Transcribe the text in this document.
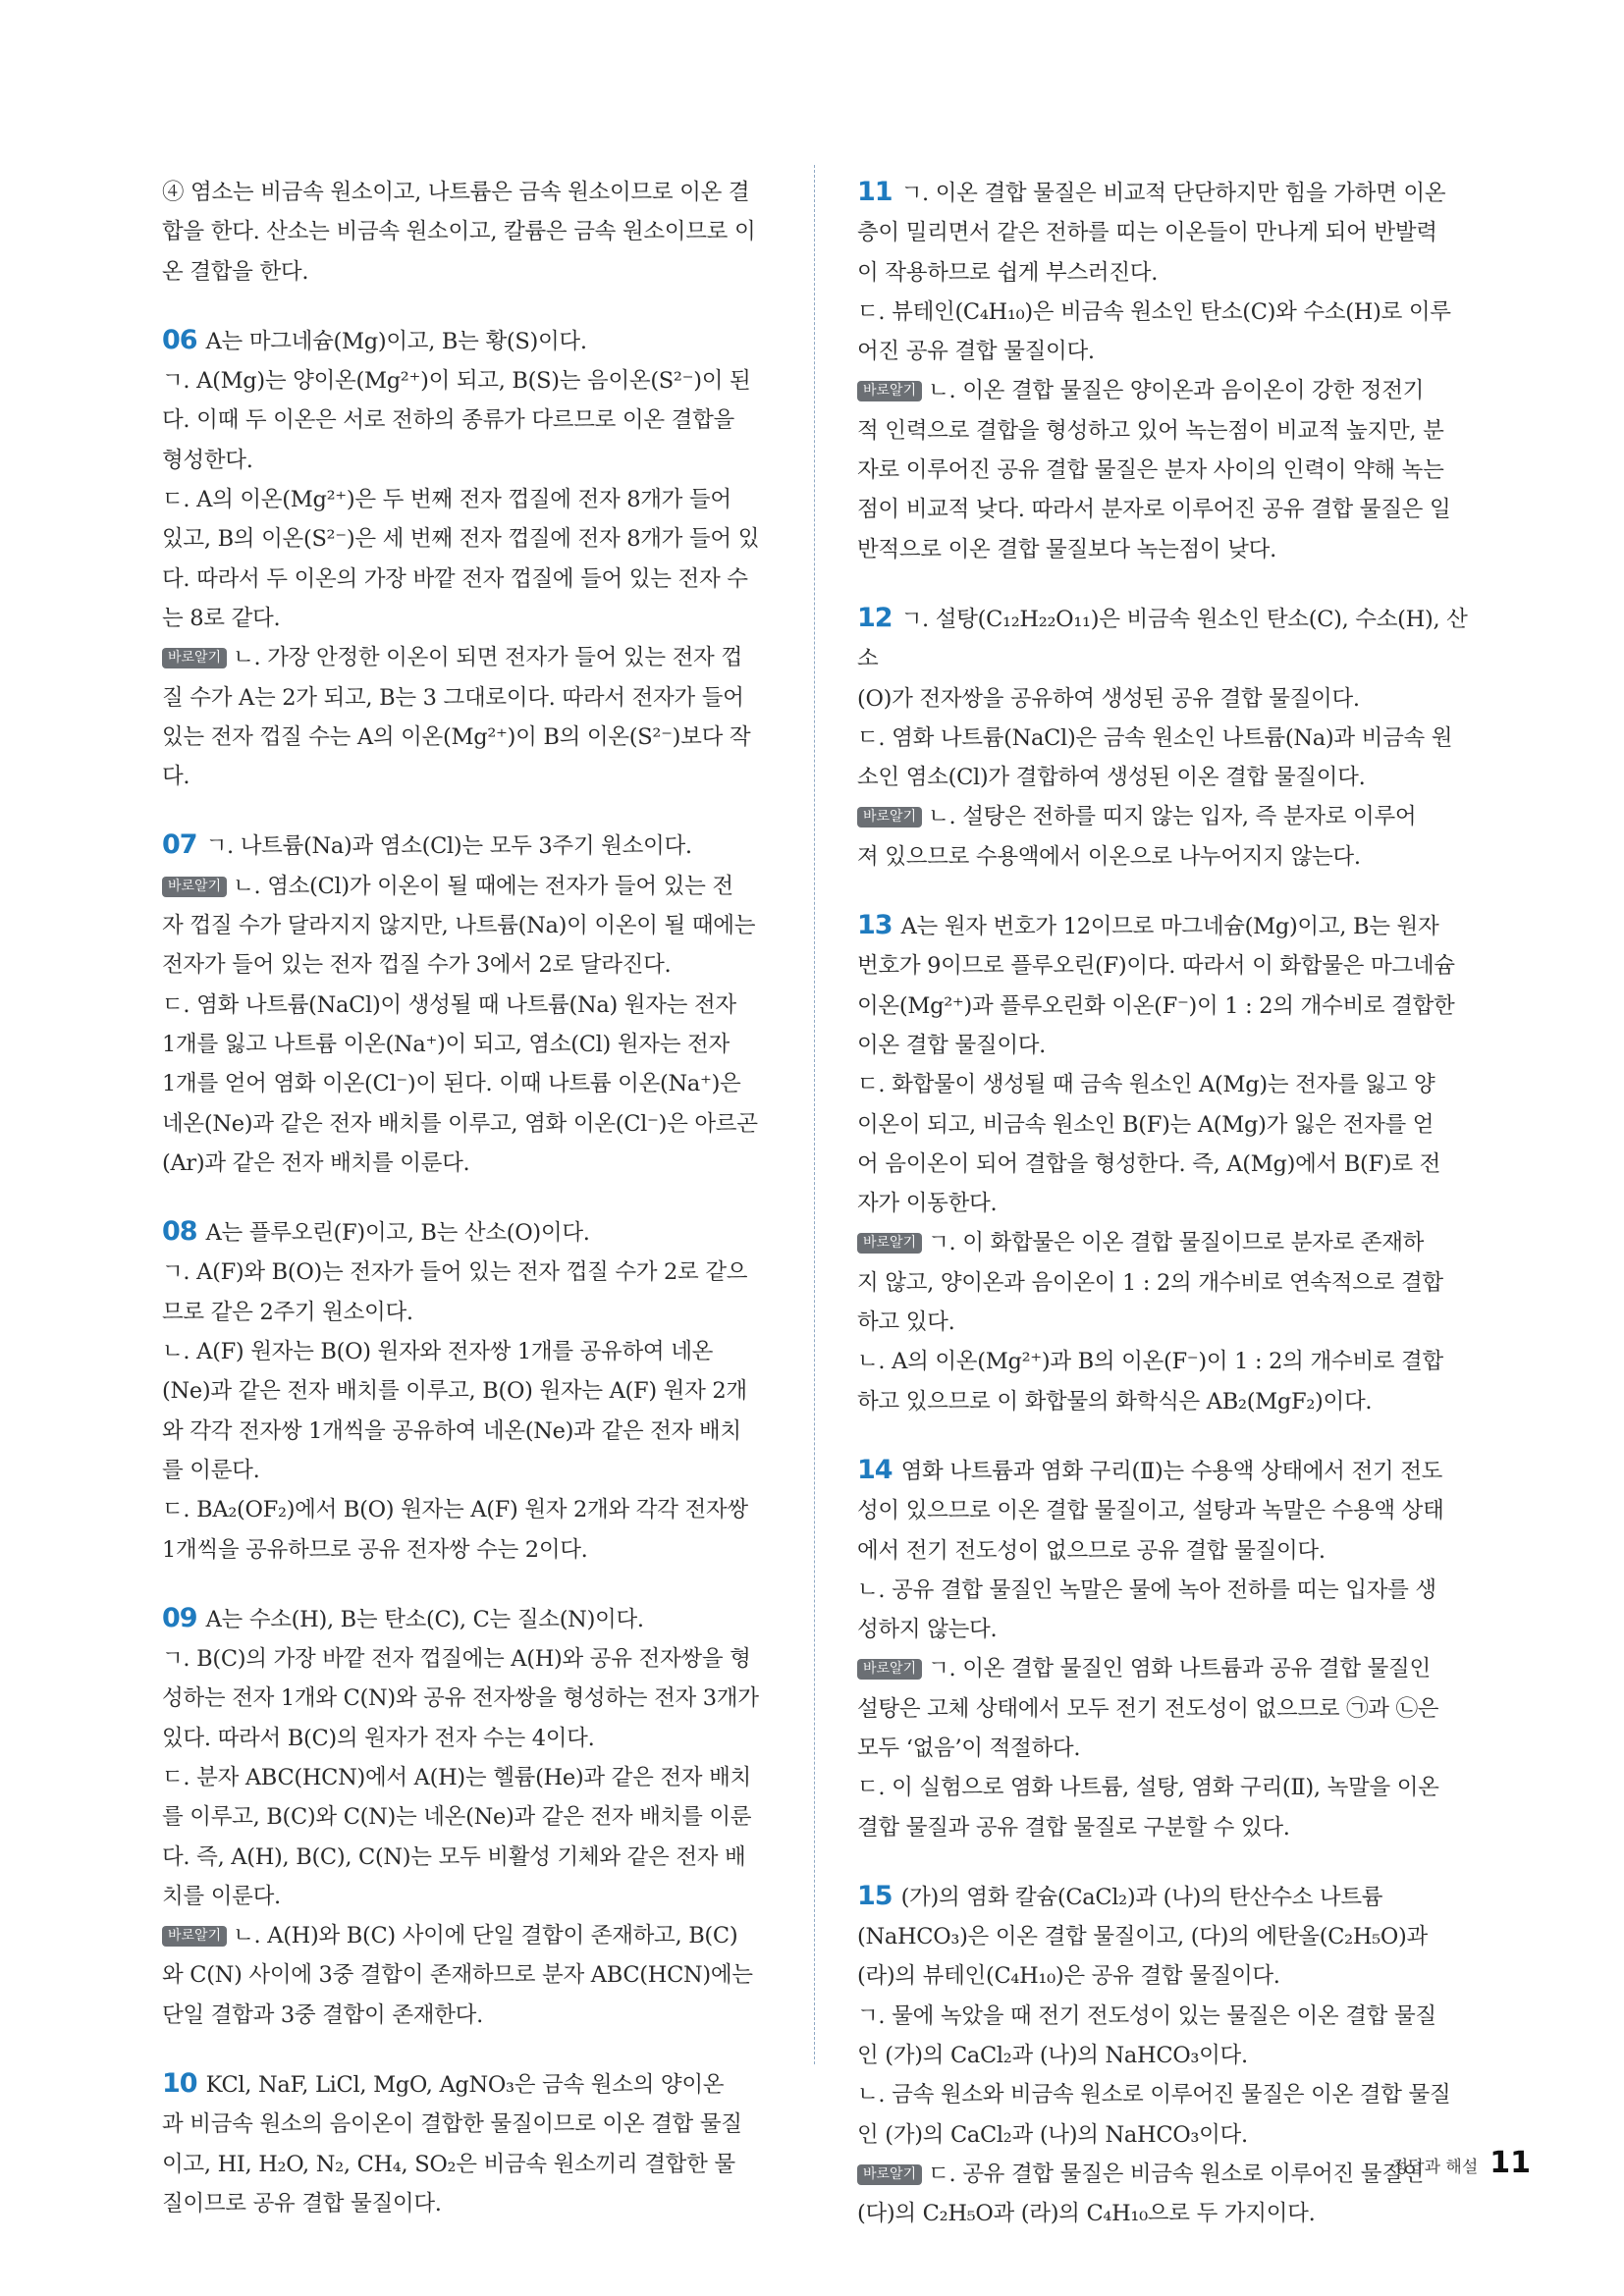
④ 염소는 비금속 원소이고, 나트륨은 금속 원소이므로 이온 결
합을 한다. 산소는 비금속 원소이고, 칼륨은 금속 원소이므로 이
온 결합을 한다.
06 A는 마그네슘(Mg)이고, B는 황(S)이다.
ㄱ. A(Mg)는 양이온(Mg²⁺)이 되고, B(S)는 음이온(S²⁻)이 된
다. 이때 두 이온은 서로 전하의 종류가 다르므로 이온 결합을
형성한다.
ㄷ. A의 이온(Mg²⁺)은 두 번째 전자 껍질에 전자 8개가 들어
있고, B의 이온(S²⁻)은 세 번째 전자 껍질에 전자 8개가 들어 있
다. 따라서 두 이온의 가장 바깥 전자 껍질에 들어 있는 전자 수
는 8로 같다.
바로알기 ㄴ. 가장 안정한 이온이 되면 전자가 들어 있는 전자 껍
질 수가 A는 2가 되고, B는 3 그대로이다. 따라서 전자가 들어
있는 전자 껍질 수는 A의 이온(Mg²⁺)이 B의 이온(S²⁻)보다 작다.
07 ㄱ. 나트륨(Na)과 염소(Cl)는 모두 3주기 원소이다.
바로알기 ㄴ. 염소(Cl)가 이온이 될 때에는 전자가 들어 있는 전
자 껍질 수가 달라지지 않지만, 나트륨(Na)이 이온이 될 때에는
전자가 들어 있는 전자 껍질 수가 3에서 2로 달라진다.
ㄷ. 염화 나트륨(NaCl)이 생성될 때 나트륨(Na) 원자는 전자
1개를 잃고 나트륨 이온(Na⁺)이 되고, 염소(Cl) 원자는 전자
1개를 얻어 염화 이온(Cl⁻)이 된다. 이때 나트륨 이온(Na⁺)은
네온(Ne)과 같은 전자 배치를 이루고, 염화 이온(Cl⁻)은 아르곤
(Ar)과 같은 전자 배치를 이룬다.
08 A는 플루오린(F)이고, B는 산소(O)이다.
ㄱ. A(F)와 B(O)는 전자가 들어 있는 전자 껍질 수가 2로 같으
므로 같은 2주기 원소이다.
ㄴ. A(F) 원자는 B(O) 원자와 전자쌍 1개를 공유하여 네온
(Ne)과 같은 전자 배치를 이루고, B(O) 원자는 A(F) 원자 2개
와 각각 전자쌍 1개씩을 공유하여 네온(Ne)과 같은 전자 배치
를 이룬다.
ㄷ. BA₂(OF₂)에서 B(O) 원자는 A(F) 원자 2개와 각각 전자쌍
1개씩을 공유하므로 공유 전자쌍 수는 2이다.
09 A는 수소(H), B는 탄소(C), C는 질소(N)이다.
ㄱ. B(C)의 가장 바깥 전자 껍질에는 A(H)와 공유 전자쌍을 형
성하는 전자 1개와 C(N)와 공유 전자쌍을 형성하는 전자 3개가
있다. 따라서 B(C)의 원자가 전자 수는 4이다.
ㄷ. 분자 ABC(HCN)에서 A(H)는 헬륨(He)과 같은 전자 배치
를 이루고, B(C)와 C(N)는 네온(Ne)과 같은 전자 배치를 이룬
다. 즉, A(H), B(C), C(N)는 모두 비활성 기체와 같은 전자 배
치를 이룬다.
바로알기 ㄴ. A(H)와 B(C) 사이에 단일 결합이 존재하고, B(C)
와 C(N) 사이에 3중 결합이 존재하므로 분자 ABC(HCN)에는
단일 결합과 3중 결합이 존재한다.
10 KCl, NaF, LiCl, MgO, AgNO₃은 금속 원소의 양이온
과 비금속 원소의 음이온이 결합한 물질이므로 이온 결합 물질
이고, HI, H₂O, N₂, CH₄, SO₂은 비금속 원소끼리 결합한 물
질이므로 공유 결합 물질이다.
11 ㄱ. 이온 결합 물질은 비교적 단단하지만 힘을 가하면 이온
층이 밀리면서 같은 전하를 띠는 이온들이 만나게 되어 반발력
이 작용하므로 쉽게 부스러진다.
ㄷ. 뷰테인(C₄H₁₀)은 비금속 원소인 탄소(C)와 수소(H)로 이루
어진 공유 결합 물질이다.
바로알기 ㄴ. 이온 결합 물질은 양이온과 음이온이 강한 정전기
적 인력으로 결합을 형성하고 있어 녹는점이 비교적 높지만, 분
자로 이루어진 공유 결합 물질은 분자 사이의 인력이 약해 녹는
점이 비교적 낮다. 따라서 분자로 이루어진 공유 결합 물질은 일
반적으로 이온 결합 물질보다 녹는점이 낮다.
12 ㄱ. 설탕(C₁₂H₂₂O₁₁)은 비금속 원소인 탄소(C), 수소(H), 산소
(O)가 전자쌍을 공유하여 생성된 공유 결합 물질이다.
ㄷ. 염화 나트륨(NaCl)은 금속 원소인 나트륨(Na)과 비금속 원
소인 염소(Cl)가 결합하여 생성된 이온 결합 물질이다.
바로알기 ㄴ. 설탕은 전하를 띠지 않는 입자, 즉 분자로 이루어
져 있으므로 수용액에서 이온으로 나누어지지 않는다.
13 A는 원자 번호가 12이므로 마그네슘(Mg)이고, B는 원자
번호가 9이므로 플루오린(F)이다. 따라서 이 화합물은 마그네슘
이온(Mg²⁺)과 플루오린화 이온(F⁻)이 1 : 2의 개수비로 결합한
이온 결합 물질이다.
ㄷ. 화합물이 생성될 때 금속 원소인 A(Mg)는 전자를 잃고 양
이온이 되고, 비금속 원소인 B(F)는 A(Mg)가 잃은 전자를 얻
어 음이온이 되어 결합을 형성한다. 즉, A(Mg)에서 B(F)로 전
자가 이동한다.
바로알기 ㄱ. 이 화합물은 이온 결합 물질이므로 분자로 존재하
지 않고, 양이온과 음이온이 1 : 2의 개수비로 연속적으로 결합
하고 있다.
ㄴ. A의 이온(Mg²⁺)과 B의 이온(F⁻)이 1 : 2의 개수비로 결합
하고 있으므로 이 화합물의 화학식은 AB₂(MgF₂)이다.
14 염화 나트륨과 염화 구리(Ⅱ)는 수용액 상태에서 전기 전도
성이 있으므로 이온 결합 물질이고, 설탕과 녹말은 수용액 상태
에서 전기 전도성이 없으므로 공유 결합 물질이다.
ㄴ. 공유 결합 물질인 녹말은 물에 녹아 전하를 띠는 입자를 생
성하지 않는다.
바로알기 ㄱ. 이온 결합 물질인 염화 나트륨과 공유 결합 물질인
설탕은 고체 상태에서 모두 전기 전도성이 없으므로 ㉠과 ㉡은
모두 ‘없음’이 적절하다.
ㄷ. 이 실험으로 염화 나트륨, 설탕, 염화 구리(Ⅱ), 녹말을 이온
결합 물질과 공유 결합 물질로 구분할 수 있다.
15 (가)의 염화 칼슘(CaCl₂)과 (나)의 탄산수소 나트륨
(NaHCO₃)은 이온 결합 물질이고, (다)의 에탄올(C₂H₅O)과
(라)의 뷰테인(C₄H₁₀)은 공유 결합 물질이다.
ㄱ. 물에 녹았을 때 전기 전도성이 있는 물질은 이온 결합 물질
인 (가)의 CaCl₂과 (나)의 NaHCO₃이다.
ㄴ. 금속 원소와 비금속 원소로 이루어진 물질은 이온 결합 물질
인 (가)의 CaCl₂과 (나)의 NaHCO₃이다.
바로알기 ㄷ. 공유 결합 물질은 비금속 원소로 이루어진 물질인
(다)의 C₂H₅O과 (라)의 C₄H₁₀으로 두 가지이다.
정답과 해설 11
